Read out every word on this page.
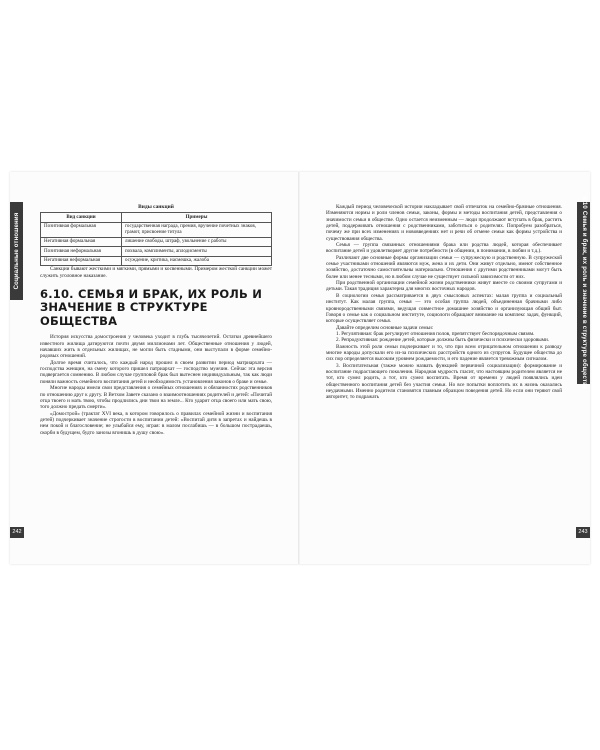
Социальные отношения
242
Виды санкций
Вид санкции	Примеры
Позитивная формальная	государственная награда, премия, вручение почетных знаков, грамот, присвоение титула
Негативная формальная	лишение свободы, штраф, увольнение с работы
Позитивная неформальная	похвала, комплименты, аплодисменты
Негативная неформальная	осуждение, критика, насмешка, жалоба

Санкции бывают жесткими и мягкими, прямыми и косвенными. Примером жесткой санкции может служить уголовное наказание.

6.10. СЕМЬЯ И БРАК, ИХ РОЛЬ И ЗНАЧЕНИЕ В СТРУКТУРЕ ОБЩЕСТВА

История искусства домостроения у человека уходит в глубь тысячелетий. Остатки древнейшего известного жилища датируются почти двумя миллионами лет. Общественные отношения у людей, начавших жить в отдельных жилищах, не могли быть стадными, они выступали в форме семейно-родовых отношений.

Долгое время считалось, что каждый народ прошел в своем развитии период матриархата — господства женщин, на смену которого пришел патриархат — господство мужчин. Сейчас эта версия подвергается сомнению. В любом случае групповой брак был вытеснен индивидуальным, так как люди поняли важность семейного воспитания детей и необходимость установления законов о браке и семье.

Многие народы имели свои представления о семейных отношениях и обязанностях родственников по отношению друг к другу. В Ветхом Завете сказано о взаимоотношениях родителей и детей: «Почитай отца твоего и мать твою, чтобы продлились дни твои на земле... Кто ударит отца своего или мать свою, того должно предать смерти».

«Домострой» (трактат XVI века, в котором говорилось о правилах семейной жизни и воспитания детей) подчеркивает значение строгости в воспитании детей: «Воспитай дитя в запретах и найдешь в нем покой и благословение; не улыбайся ему, играя: в малом послабишь — в большом пострадаешь, скорби в будущем, будто занозы вгонишь в душу свою».

6.10 Семья и брак, их роль и значение в структуре общества
243

Каждый период человеческой истории накладывает свой отпечаток на семейно-брачные отношения. Изменяются нормы и роли членов семьи, законы, формы и методы воспитания детей, представления о значимости семьи в обществе. Одно остается неизменным — люди продолжают вступать в брак, растить детей, поддерживать отношения с родственниками, заботиться о родителях. Попробуем разобраться, почему же при всех изменениях и нововведениях нет и речи об отмене семьи как формы устройства и существования общества.

Семья — группа связанных отношениями брака или родства людей, которая обеспечивает воспитание детей и удовлетворяет другие потребности (в общении, в понимании, в любви и т.д.).

Различают две основные формы организации семьи — супружескую и родственную. В супружеской семье участниками отношений являются муж, жена и их дети. Они живут отдельно, имеют собственное хозяйство, достаточно самостоятельны материально. Отношения с другими родственниками могут быть более или менее тесными, но в любом случае не существует сильной зависимости от них.

При родственной организации семейной жизни родственники живут вместе со своими супругами и детьми. Такая традиция характерна для многих восточных народов.

В социологии семья рассматривается в двух смысловых аспектах: малая группа и социальный институт. Как малая группа, семья — это особая группа людей, объединенная брачными либо кровнородственными связями, ведущая совместное домашнее хозяйство и организующая общий быт. Говоря о семье как о социальном институте, социологи обращают внимание на комплекс задач, функций, которые осуществляет семья.

Давайте определим основные задачи семьи:

1. Регулятивная: брак регулирует отношения полов, препятствует беспорядочным связям.

2. Репродуктивная: рождение детей, которые должны быть физически и психически здоровыми.

Важность этой роли семьи подчеркивает и то, что при всем отрицательном отношении к разводу многие народы допускали его из-за психических расстройств одного из супругов. Будущее общества до сих пор определяется высоким уровнем рождаемости, и его падение является тревожным сигналом.

3. Воспитательная (также можно назвать функцией первичной социализации): формирование и воспитание подрастающего поколения. Народная мудрость гласит, что настоящим родителем является не тот, кто сумел родить, а тот, кто сумел воспитать. Время от времени у людей появлялись идеи общественного воспитания детей без участия семьи. Но все попытки воплотить их в жизнь оказались неудачными. Именно родители становятся главным образцом поведения детей. Но если они теряют свой авторитет, то подражать
